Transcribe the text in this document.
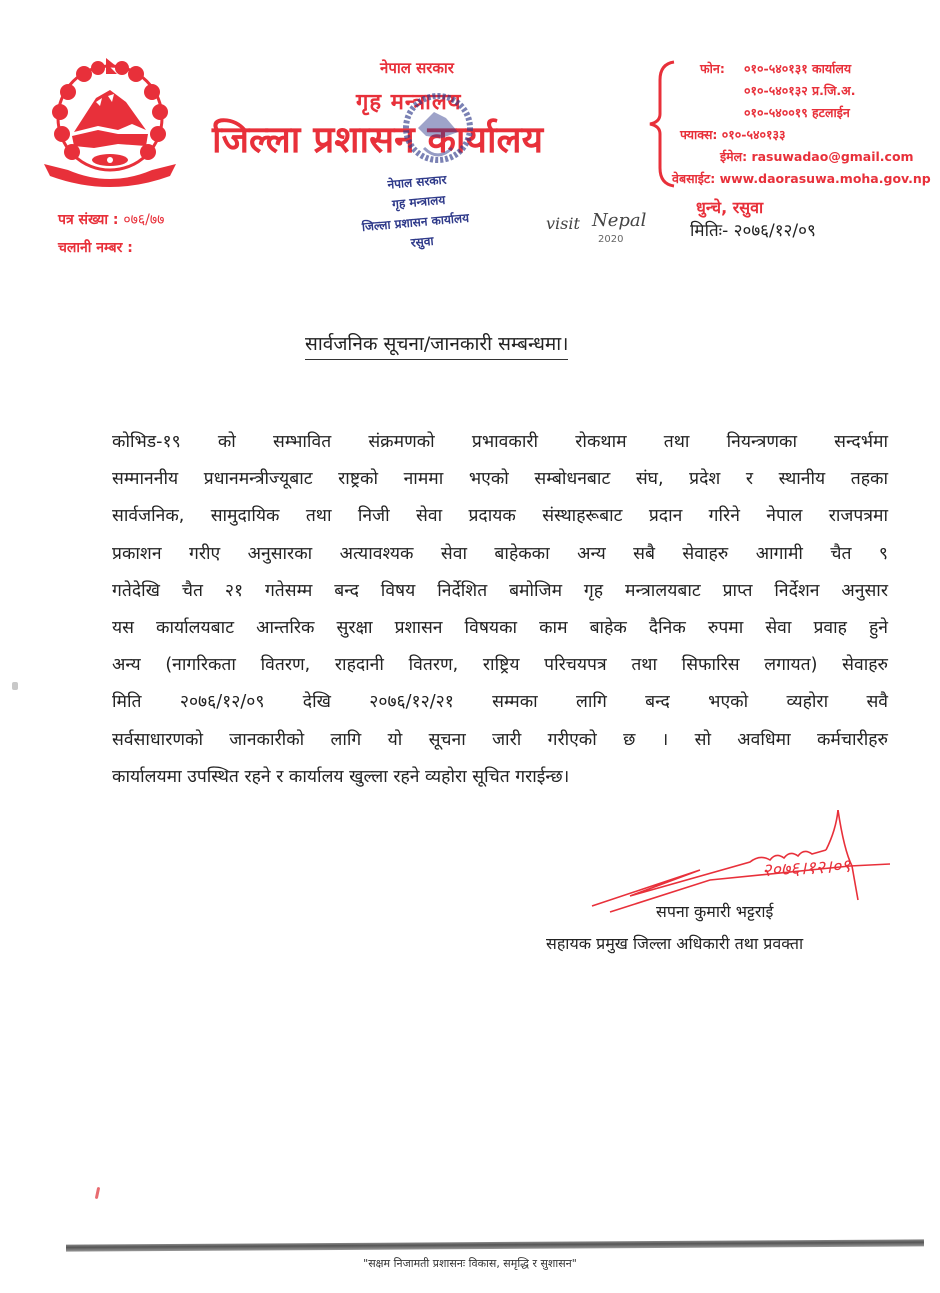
नेपाल सरकार
गृह मन्त्रालय
जिल्ला प्रशासन कार्यालय
फोन: ०१०-५४०१३१ कार्यालय
०१०-५४०१३२ प्र.जि.अ.
०१०-५४००१९ हटलाईन
फ्याक्स: ०१०-५४०१३३
ईमेल: rasuwadao@gmail.com
वेबसाईट: www.daorasuwa.moha.gov.np
पत्र संख्या : ०७६/७७
चलानी नम्बर :
नेपाल सरकार
गृह मन्त्रालय
जिल्ला प्रशासन कार्यालय
रसुवा
visit Nepal
2020
धुन्चे, रसुवा
मितिः- २०७६/१२/०९
सार्वजनिक सूचना/जानकारी सम्बन्धमा।
कोभिड-१९ को सम्भावित संक्रमणको प्रभावकारी रोकथाम तथा नियन्त्रणका सन्दर्भमा
सम्माननीय प्रधानमन्त्रीज्यूबाट राष्ट्रको नाममा भएको सम्बोधनबाट संघ, प्रदेश र स्थानीय तहका
सार्वजनिक, सामुदायिक तथा निजी सेवा प्रदायक संस्थाहरूबाट प्रदान गरिने नेपाल राजपत्रमा
प्रकाशन गरीए अनुसारका अत्यावश्यक सेवा बाहेकका अन्य सबै सेवाहरु आगामी चैत ९
गतेदेखि चैत २१ गतेसम्म बन्द विषय निर्देशित बमोजिम गृह मन्त्रालयबाट प्राप्त निर्देशन अनुसार
यस कार्यालयबाट आन्तरिक सुरक्षा प्रशासन विषयका काम बाहेक दैनिक रुपमा सेवा प्रवाह हुने
अन्य (नागरिकता वितरण, राहदानी वितरण, राष्ट्रिय परिचयपत्र तथा सिफारिस लगायत) सेवाहरु
मिति २०७६/१२/०९ देखि २०७६/१२/२१ सम्मका लागि बन्द भएको व्यहोरा सवै
सर्वसाधारणको जानकारीको लागि यो सूचना जारी गरीएको छ । सो अवधिमा कर्मचारीहरु
कार्यालयमा उपस्थित रहने र कार्यालय खुल्ला रहने व्यहोरा सूचित गराईन्छ।
२०७६।१२।०९
सपना कुमारी भट्टराई
सहायक प्रमुख जिल्ला अधिकारी तथा प्रवक्ता
"सक्षम निजामती प्रशासनः विकास, समृद्धि र सुशासन"
